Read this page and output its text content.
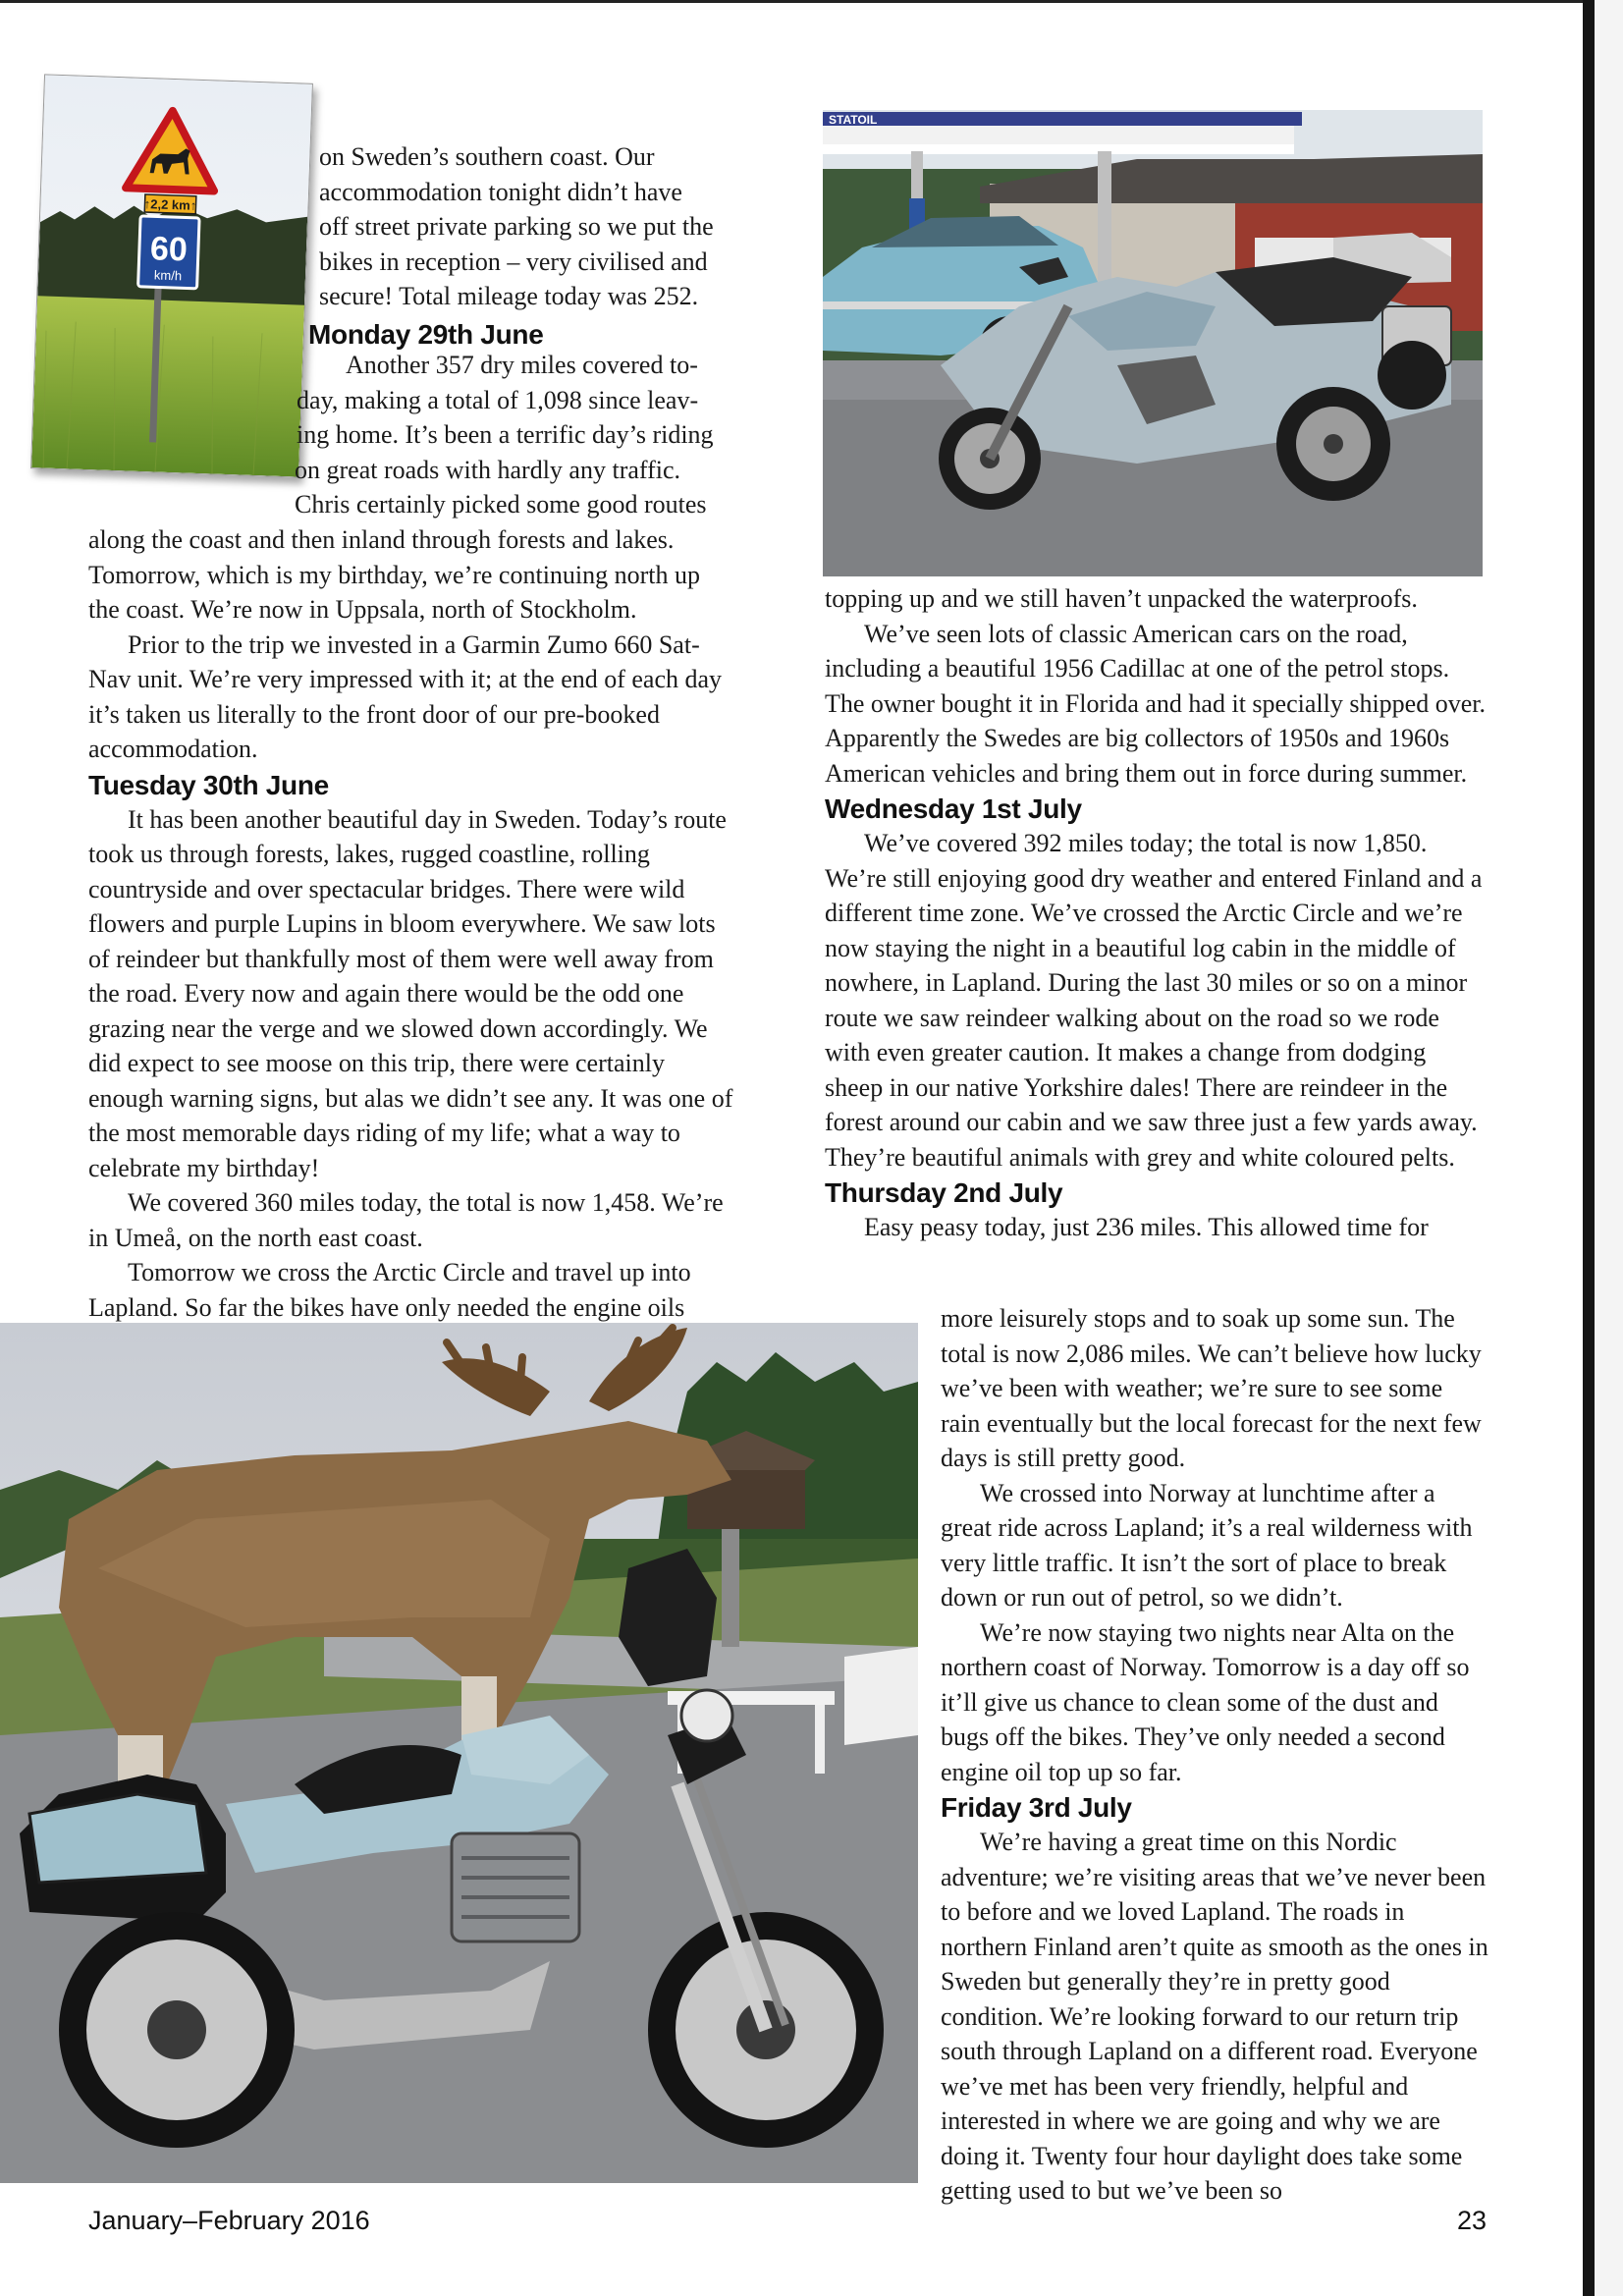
↑2,2 km↑
60
km/h

on Sweden’s southern coast. Our

accommodation tonight didn’t have

off street private parking so we put the

bikes in reception – very civilised and

secure! Total mileage today was 252.

Monday 29th June

Another 357 dry miles covered to-

day, making a total of 1,098 since leav-

ing home. It’s been a terrific day’s riding

on great roads with hardly any traffic.

Chris certainly picked some good routes

along the coast and then inland through forests and lakes. Tomorrow, which is my birthday, we’re continuing north up the coast. We’re now in Uppsala, north of Stockholm.

Prior to the trip we invested in a Garmin Zumo 660 Sat-Nav unit. We’re very impressed with it; at the end of each day it’s taken us literally to the front door of our pre-booked accommodation.

Tuesday 30th June

It has been another beautiful day in Sweden. Today’s route took us through forests, lakes, rugged coastline, rolling countryside and over spectacular bridges. There were wild flowers and purple Lupins in bloom everywhere. We saw lots of reindeer but thankfully most of them were well away from the road. Every now and again there would be the odd one grazing near the verge and we slowed down accordingly. We did expect to see moose on this trip, there were certainly enough warning signs, but alas we didn’t see any. It was one of the most memorable days riding of my life; what a way to celebrate my birthday!

We covered 360 miles today, the total is now 1,458. We’re in Umeå, on the north east coast.

Tomorrow we cross the Arctic Circle and travel up into Lapland. So far the bikes have only needed the engine oils

STATOIL

topping up and we still haven’t unpacked the waterproofs.

We’ve seen lots of classic American cars on the road, including a beautiful 1956 Cadillac at one of the petrol stops. The owner bought it in Florida and had it specially shipped over. Apparently the Swedes are big collectors of 1950s and 1960s American vehicles and bring them out in force during summer.

Wednesday 1st July

We’ve covered 392 miles today; the total is now 1,850. We’re still enjoying good dry weather and entered Finland and a different time zone. We’ve crossed the Arctic Circle and we’re now staying the night in a beautiful log cabin in the middle of nowhere, in Lapland. During the last 30 miles or so on a minor route we saw reindeer walking about on the road so we rode with even greater caution. It makes a change from dodging sheep in our native Yorkshire dales! There are reindeer in the forest around our cabin and we saw three just a few yards away. They’re beautiful animals with grey and white coloured pelts.

Thursday 2nd July

Easy peasy today, just 236 miles. This allowed time for

more leisurely stops and to soak up some sun. The total is now 2,086 miles. We can’t believe how lucky we’ve been with weather; we’re sure to see some rain eventually but the local forecast for the next few days is still pretty good.

We crossed into Norway at lunchtime after a great ride across Lapland; it’s a real wilderness with very little traffic. It isn’t the sort of place to break down or run out of petrol, so we didn’t.

We’re now staying two nights near Alta on the northern coast of Norway. Tomorrow is a day off so it’ll give us chance to clean some of the dust and bugs off the bikes. They’ve only needed a second engine oil top up so far.

Friday 3rd July

We’re having a great time on this Nordic adventure; we’re visiting areas that we’ve never been to before and we loved Lapland. The roads in northern Finland aren’t quite as smooth as the ones in Sweden but generally they’re in pretty good condition. We’re looking forward to our return trip south through Lapland on a different road. Everyone we’ve met has been very friendly, helpful and interested in where we are going and why we are doing it. Twenty four hour daylight does take some getting used to but we’ve been so

January–February 2016	23
